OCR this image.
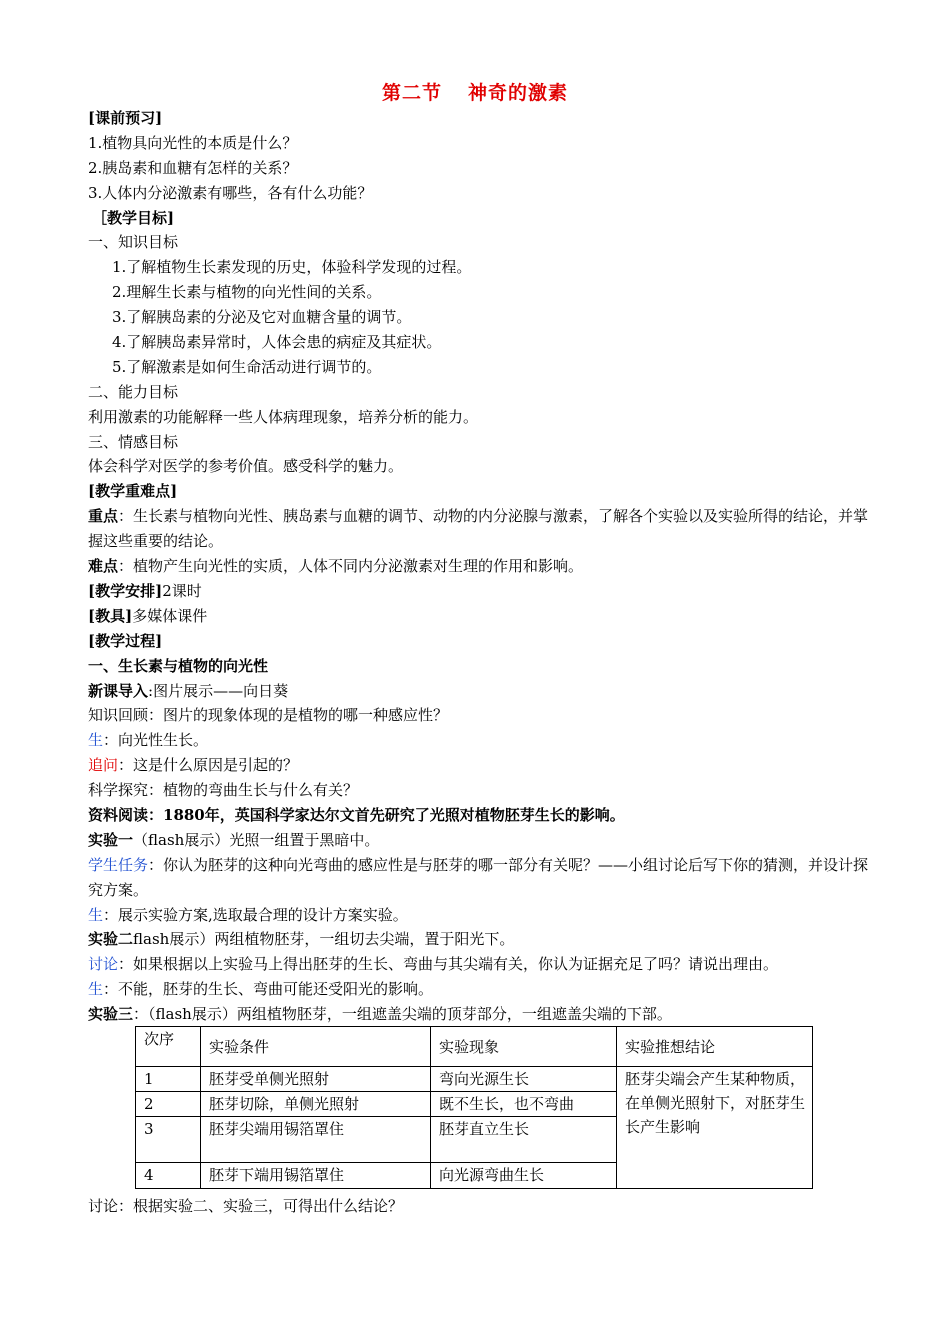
第二节 神奇的激素
[课前预习]
1.植物具向光性的本质是什么？
2.胰岛素和血糖有怎样的关系？
3.人体内分泌激素有哪些，各有什么功能？
［教学目标]
一、知识目标
1.了解植物生长素发现的历史，体验科学发现的过程。
2.理解生长素与植物的向光性间的关系。
3.了解胰岛素的分泌及它对血糖含量的调节。
4.了解胰岛素异常时，人体会患的病症及其症状。
5.了解激素是如何生命活动进行调节的。
二、能力目标
利用激素的功能解释一些人体病理现象，培养分析的能力。
三、情感目标
体会科学对医学的参考价值。感受科学的魅力。
[教学重难点]
重点：生长素与植物向光性、胰岛素与血糖的调节、动物的内分泌腺与激素，了解各个实验以及实验所得的结论，并掌握这些重要的结论。
难点：植物产生向光性的实质，人体不同内分泌激素对生理的作用和影响。
[教学安排]2课时
[教具]多媒体课件
[教学过程]
一、生长素与植物的向光性
新课导入:图片展示——向日葵
知识回顾：图片的现象体现的是植物的哪一种感应性？
生：向光性生长。
追问：这是什么原因是引起的？
科学探究：植物的弯曲生长与什么有关？
资料阅读：1880年，英国科学家达尔文首先研究了光照对植物胚芽生长的影响。
实验一（flash展示）光照一组置于黑暗中。
学生任务：你认为胚芽的这种向光弯曲的感应性是与胚芽的哪一部分有关呢？——小组讨论后写下你的猜测，并设计探究方案。
生：展示实验方案,选取最合理的设计方案实验。
实验二flash展示）两组植物胚芽，一组切去尖端，置于阳光下。
讨论：如果根据以上实验马上得出胚芽的生长、弯曲与其尖端有关，你认为证据充足了吗？请说出理由。
生：不能，胚芽的生长、弯曲可能还受阳光的影响。
实验三：（flash展示）两组植物胚芽，一组遮盖尖端的顶芽部分，一组遮盖尖端的下部。
次序	实验条件	实验现象	实验推想结论
1	胚芽受单侧光照射	弯向光源生长	胚芽尖端会产生某种物质，在单侧光照射下，对胚芽生长产生影响
2	胚芽切除，单侧光照射	既不生长，也不弯曲	
3	胚芽尖端用锡箔罩住	胚芽直立生长	
4	胚芽下端用锡箔罩住	向光源弯曲生长	
讨论：根据实验二、实验三，可得出什么结论？
